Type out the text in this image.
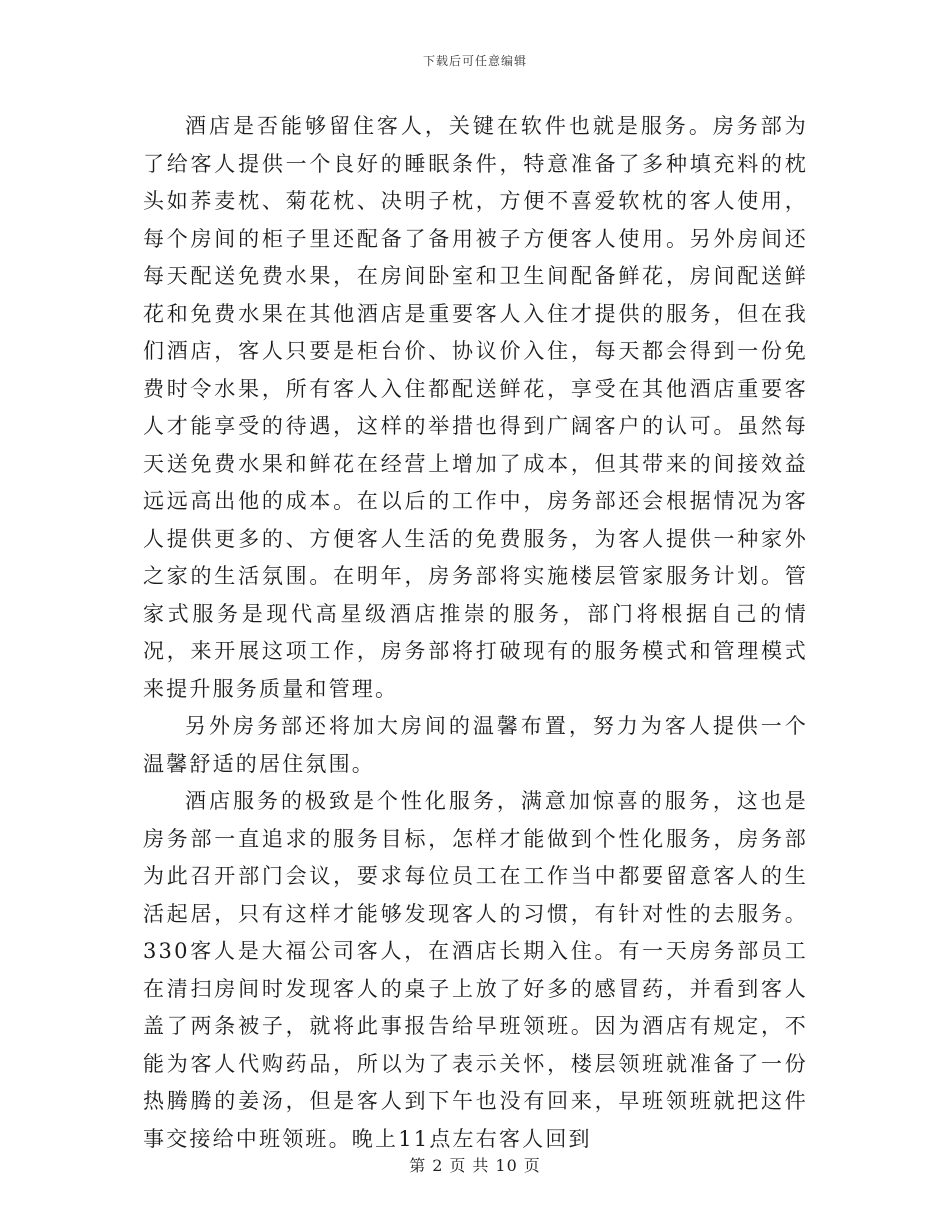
下载后可任意编辑

酒店是否能够留住客人，关键在软件也就是服务。房务部为了给客人提供一个良好的睡眠条件，特意准备了多种填充料的枕头如荞麦枕、菊花枕、决明子枕，方便不喜爱软枕的客人使用，每个房间的柜子里还配备了备用被子方便客人使用。另外房间还每天配送免费水果，在房间卧室和卫生间配备鲜花，房间配送鲜花和免费水果在其他酒店是重要客人入住才提供的服务，但在我们酒店，客人只要是柜台价、协议价入住，每天都会得到一份免费时令水果，所有客人入住都配送鲜花，享受在其他酒店重要客人才能享受的待遇，这样的举措也得到广阔客户的认可。虽然每天送免费水果和鲜花在经营上增加了成本，但其带来的间接效益远远高出他的成本。在以后的工作中，房务部还会根据情况为客人提供更多的、方便客人生活的免费服务，为客人提供一种家外之家的生活氛围。在明年，房务部将实施楼层管家服务计划。管家式服务是现代高星级酒店推崇的服务，部门将根据自己的情况，来开展这项工作，房务部将打破现有的服务模式和管理模式来提升服务质量和管理。

另外房务部还将加大房间的温馨布置，努力为客人提供一个温馨舒适的居住氛围。

酒店服务的极致是个性化服务，满意加惊喜的服务，这也是房务部一直追求的服务目标，怎样才能做到个性化服务，房务部为此召开部门会议，要求每位员工在工作当中都要留意客人的生活起居，只有这样才能够发现客人的习惯，有针对性的去服务。330客人是大福公司客人，在酒店长期入住。有一天房务部员工在清扫房间时发现客人的桌子上放了好多的感冒药，并看到客人盖了两条被子，就将此事报告给早班领班。因为酒店有规定，不能为客人代购药品，所以为了表示关怀，楼层领班就准备了一份热腾腾的姜汤，但是客人到下午也没有回来，早班领班就把这件事交接给中班领班。晚上11点左右客人回到

第 2 页 共 10 页
